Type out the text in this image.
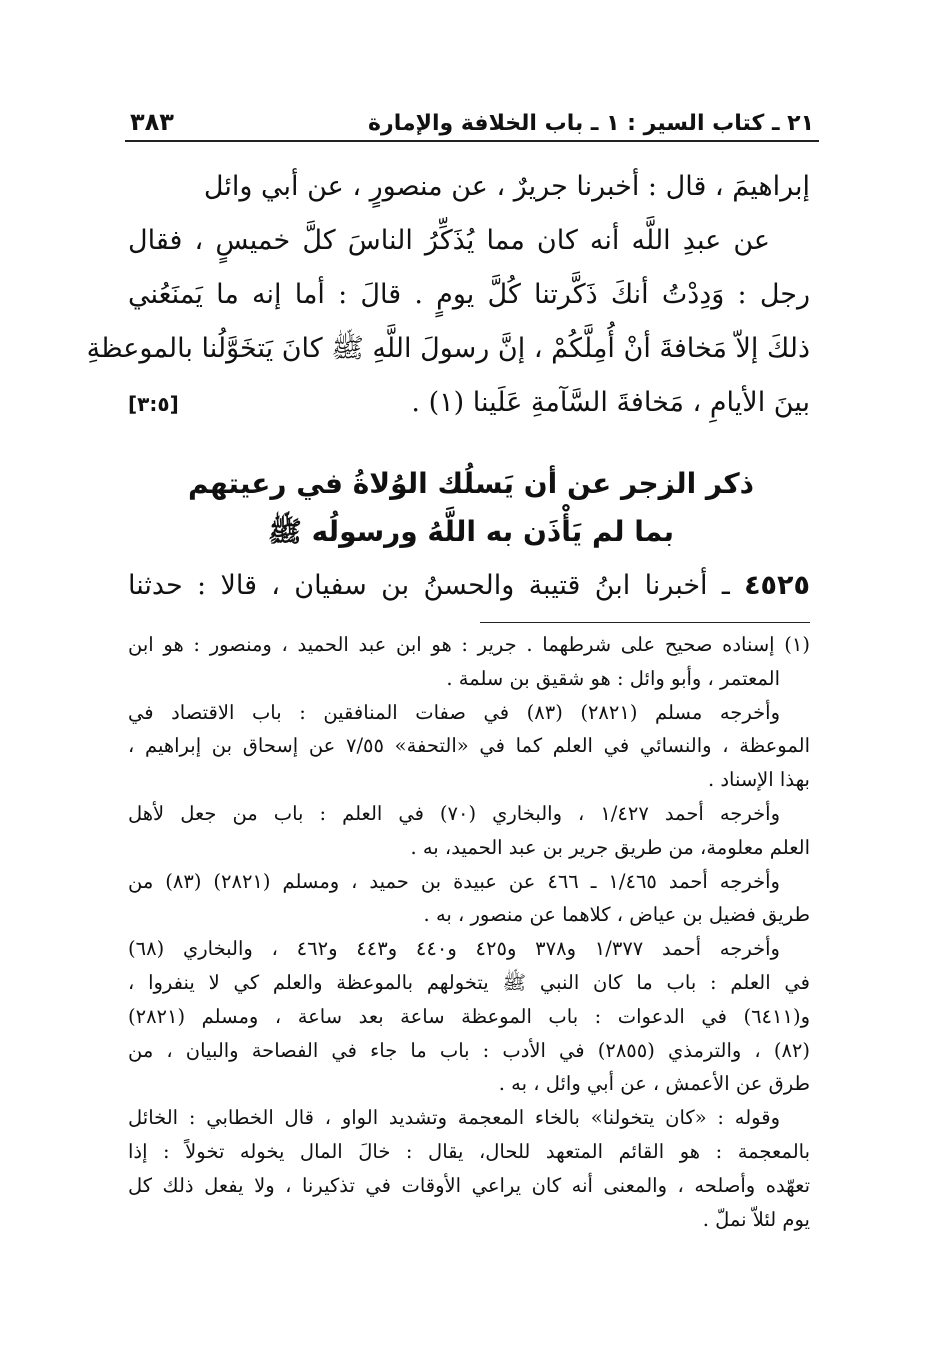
٢١ ـ كتاب السير : ١ ـ باب الخلافة والإمارة
٣٨٣
إبراهيمَ ، قال : أخبرنا جريرٌ ، عن منصورٍ ، عن أبي وائل
عن عبدِ اللَّه أنه كان مما يُذَكِّرُ الناسَ كلَّ خميسٍ ، فقال
رجل : وَدِدْتُ أنكَ ذَكَّرتنا كُلَّ يومٍ . قالَ : أما إنه ما يَمنَعُني
ذلكَ إلاّ مَخافةَ أنْ أُمِلَّكُمْ ، إنَّ رسولَ اللَّهِ ﷺ كانَ يَتخَوَّلُنا بالموعظةِ
بينَ الأيامِ ، مَخافةَ السَّآمةِ عَلَينا (١) .
[٣:٥]
ذكر الزجر عن أن يَسلُك الوُلاةُ في رعيتهم
بما لم يَأْذَن به اللَّهُ ورسولُه ﷺ
٤٥٢٥ ـ أخبرنا ابنُ قتيبة والحسنُ بن سفيان ، قالا : حدثنا
(١) إسناده صحيح على شرطهما . جرير : هو ابن عبد الحميد ، ومنصور : هو ابن
المعتمر ، وأبو وائل : هو شقيق بن سلمة .
وأخرجه مسلم (٢٨٢١) (٨٣) في صفات المنافقين : باب الاقتصاد في
الموعظة ، والنسائي في العلم كما في «التحفة» ٧/٥٥ عن إسحاق بن إبراهيم ،
بهذا الإسناد .
وأخرجه أحمد ١/٤٢٧ ، والبخاري (٧٠) في العلم : باب من جعل لأهل
العلم معلومة، من طريق جرير بن عبد الحميد، به .
وأخرجه أحمد ١/٤٦٥ ـ ٤٦٦ عن عبيدة بن حميد ، ومسلم (٢٨٢١) (٨٣) من
طريق فضيل بن عياض ، كلاهما عن منصور ، به .
وأخرجه أحمد ١/٣٧٧ و٣٧٨ و٤٢٥ و٤٤٠ و٤٤٣ و٤٦٢ ، والبخاري (٦٨)
في العلم : باب ما كان النبي ﷺ يتخولهم بالموعظة والعلم كي لا ينفروا ،
و(٦٤١١) في الدعوات : باب الموعظة ساعة بعد ساعة ، ومسلم (٢٨٢١)
(٨٢) ، والترمذي (٢٨٥٥) في الأدب : باب ما جاء في الفصاحة والبيان ، من
طرق عن الأعمش ، عن أبي وائل ، به .
وقوله : «كان يتخولنا» بالخاء المعجمة وتشديد الواو ، قال الخطابي : الخائل
بالمعجمة : هو القائم المتعهد للحال، يقال : خالَ المال يخوله تخولاً : إذا
تعهّده وأصلحه ، والمعنى أنه كان يراعي الأوقات في تذكيرنا ، ولا يفعل ذلك كل
يوم لئلاّ نملّ .
